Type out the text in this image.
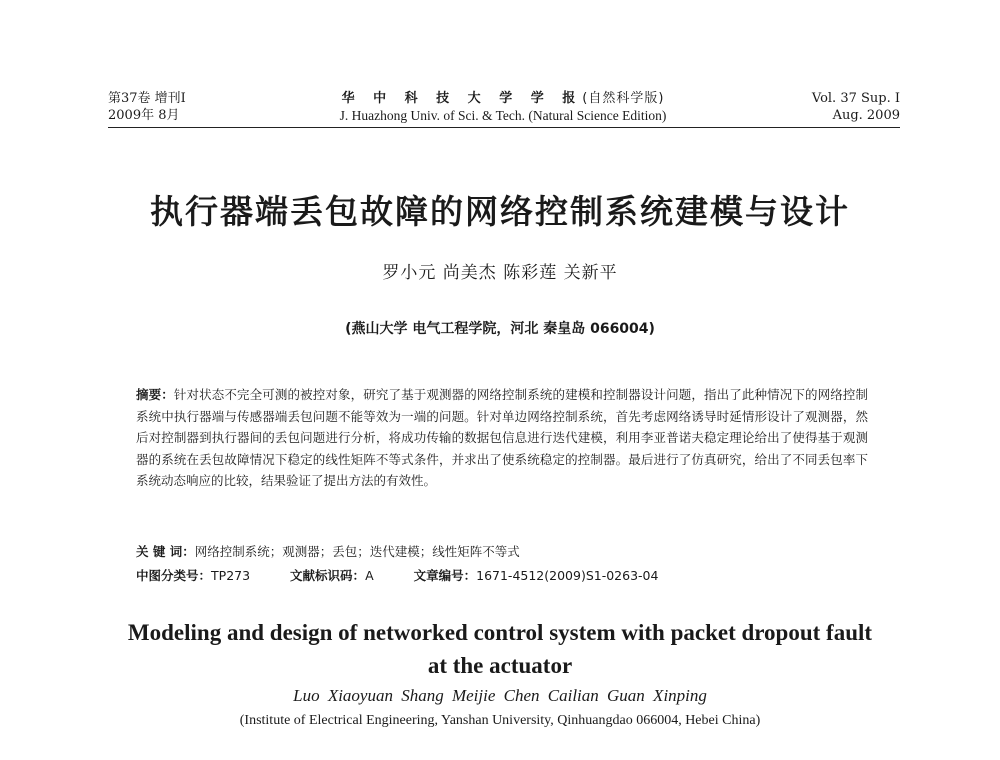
第37卷 增刊Ⅰ
2009年 8月
华 中 科 技 大 学 学 报(自然科学版)
J. Huazhong Univ. of Sci. & Tech. (Natural Science Edition)
Vol. 37 Sup. Ⅰ
Aug. 2009
执行器端丢包故障的网络控制系统建模与设计
罗小元 尚美杰 陈彩莲 关新平
(燕山大学 电气工程学院，河北 秦皇岛 066004)
摘要：针对状态不完全可测的被控对象，研究了基于观测器的网络控制系统的建模和控制器设计问题，指出了此种情况下的网络控制系统中执行器端与传感器端丢包问题不能等效为一端的问题。针对单边网络控制系统，首先考虑网络诱导时延情形设计了观测器，然后对控制器到执行器间的丢包问题进行分析，将成功传输的数据包信息进行迭代建模，利用李亚普诺夫稳定理论给出了使得基于观测器的系统在丢包故障情况下稳定的线性矩阵不等式条件，并求出了使系统稳定的控制器。最后进行了仿真研究，给出了不同丢包率下系统动态响应的比较，结果验证了提出方法的有效性。
关 键 词：网络控制系统；观测器；丢包；迭代建模；线性矩阵不等式
中图分类号：TP273	文献标识码：A	文章编号：1671-4512(2009)S1-0263-04
Modeling and design of networked control system with packet dropout fault at the actuator
Luo Xiaoyuan Shang Meijie Chen Cailian Guan Xinping
(Institute of Electrical Engineering, Yanshan University, Qinhuangdao 066004, Hebei China)
